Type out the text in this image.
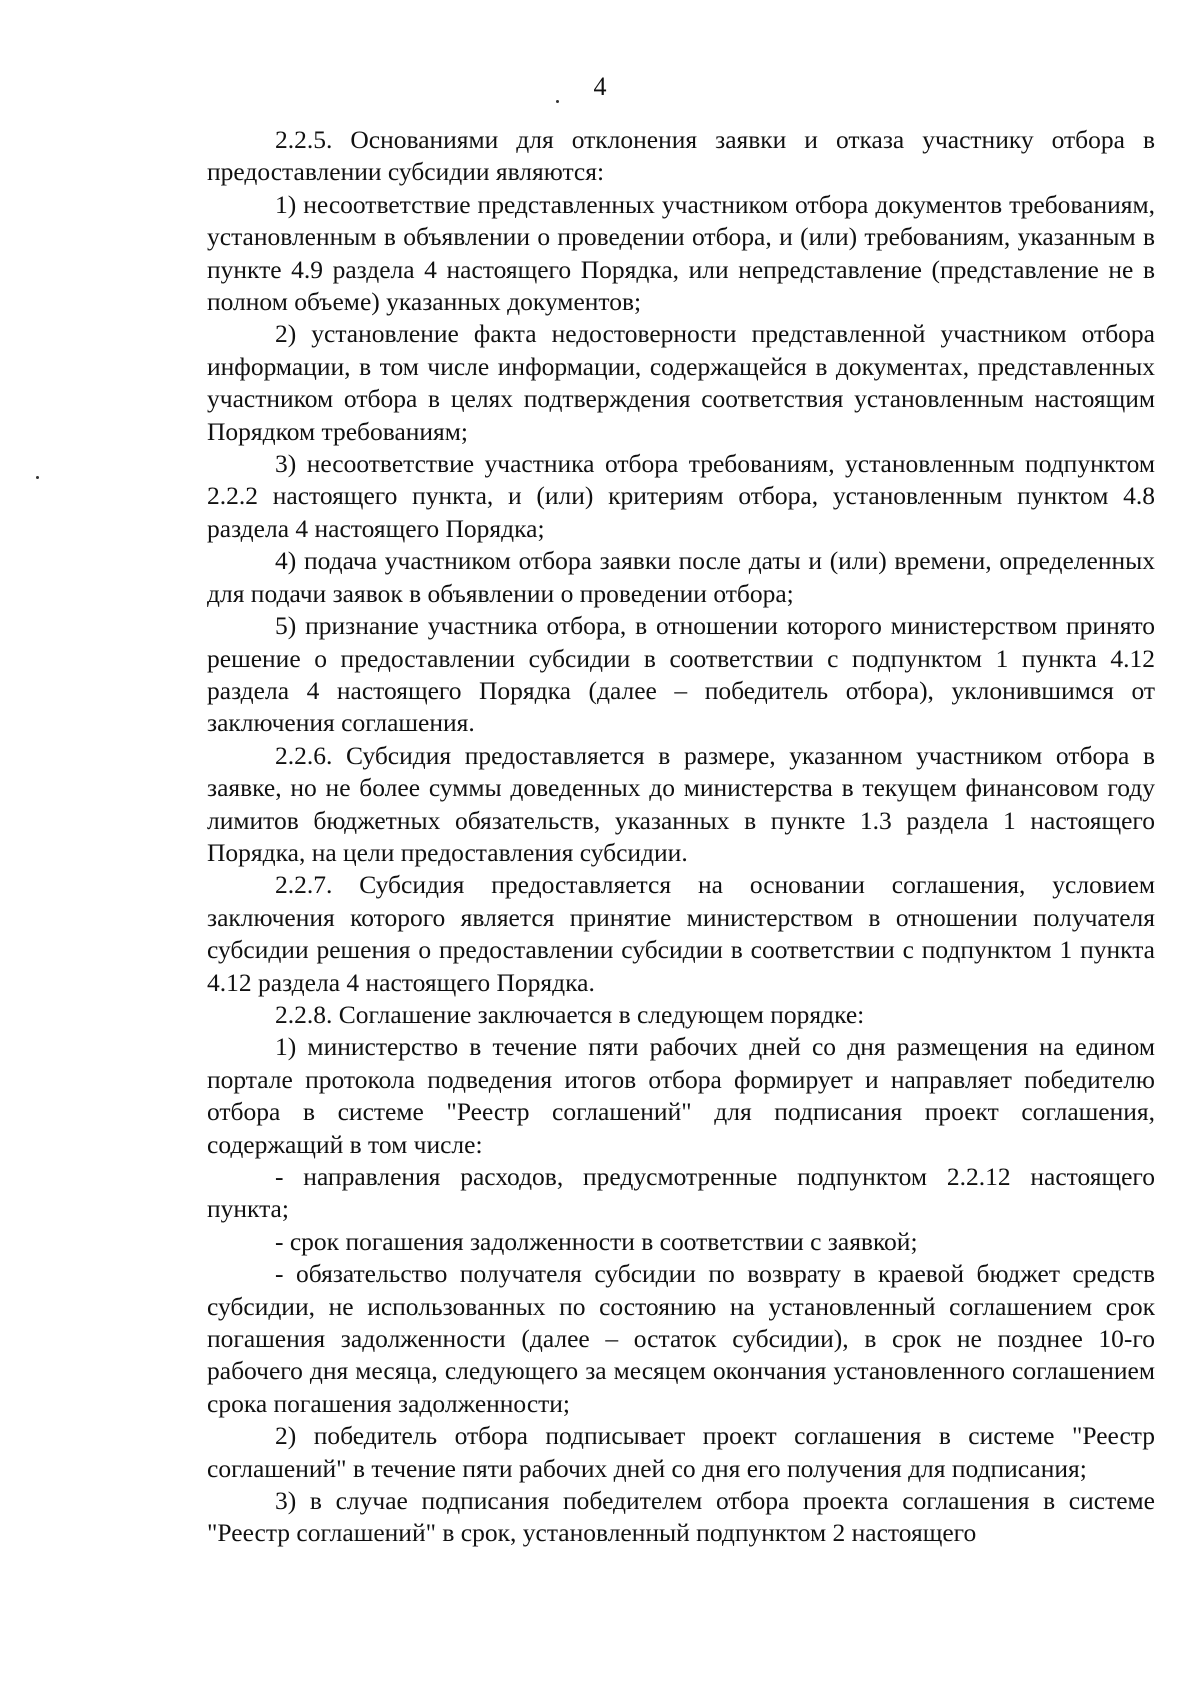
4

2.2.5. Основаниями для отклонения заявки и отказа участнику отбора в предоставлении субсидии являются:

1) несоответствие представленных участником отбора документов требованиям, установленным в объявлении о проведении отбора, и (или) требованиям, указанным в пункте 4.9 раздела 4 настоящего Порядка, или непредставление (представление не в полном объеме) указанных документов;

2) установление факта недостоверности представленной участником отбора информации, в том числе информации, содержащейся в документах, представленных участником отбора в целях подтверждения соответствия установленным настоящим Порядком требованиям;

3) несоответствие участника отбора требованиям, установленным подпунктом 2.2.2 настоящего пункта, и (или) критериям отбора, установленным пунктом 4.8 раздела 4 настоящего Порядка;

4) подача участником отбора заявки после даты и (или) времени, определенных для подачи заявок в объявлении о проведении отбора;

5) признание участника отбора, в отношении которого министерством принято решение о предоставлении субсидии в соответствии с подпунктом 1 пункта 4.12 раздела 4 настоящего Порядка (далее – победитель отбора), уклонившимся от заключения соглашения.

2.2.6. Субсидия предоставляется в размере, указанном участником отбора в заявке, но не более суммы доведенных до министерства в текущем финансовом году лимитов бюджетных обязательств, указанных в пункте 1.3 раздела 1 настоящего Порядка, на цели предоставления субсидии.

2.2.7. Субсидия предоставляется на основании соглашения, условием заключения которого является принятие министерством в отношении получателя субсидии решения о предоставлении субсидии в соответствии с подпунктом 1 пункта 4.12 раздела 4 настоящего Порядка.

2.2.8. Соглашение заключается в следующем порядке:

1) министерство в течение пяти рабочих дней со дня размещения на едином портале протокола подведения итогов отбора формирует и направляет победителю отбора в системе "Реестр соглашений" для подписания проект соглашения, содержащий в том числе:

- направления расходов, предусмотренные подпунктом 2.2.12 настоящего пункта;

- срок погашения задолженности в соответствии с заявкой;

- обязательство получателя субсидии по возврату в краевой бюджет средств субсидии, не использованных по состоянию на установленный соглашением срок погашения задолженности (далее – остаток субсидии), в срок не позднее 10-го рабочего дня месяца, следующего за месяцем окончания установленного соглашением срока погашения задолженности;

2) победитель отбора подписывает проект соглашения в системе "Реестр соглашений" в течение пяти рабочих дней со дня его получения для подписания;

3) в случае подписания победителем отбора проекта соглашения в системе "Реестр соглашений" в срок, установленный подпунктом 2 настоящего
